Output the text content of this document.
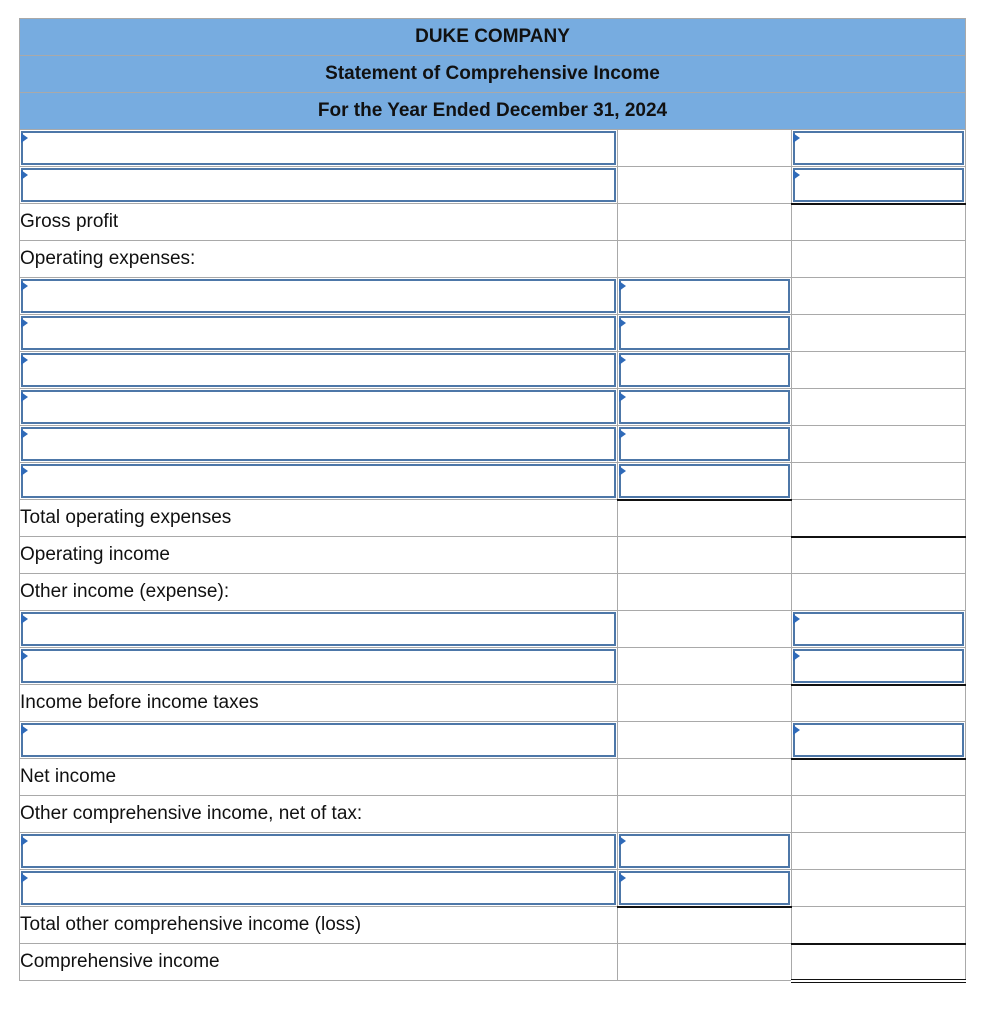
DUKE COMPANY		
Statement of Comprehensive Income		
For the Year Ended December 31, 2024		

Gross profit		
Operating expenses:		

Total operating expenses		
Operating income		
Other income (expense):		

Income before income taxes		

Net income		
Other comprehensive income, net of tax:		

Total other comprehensive income (loss)		
Comprehensive income		
